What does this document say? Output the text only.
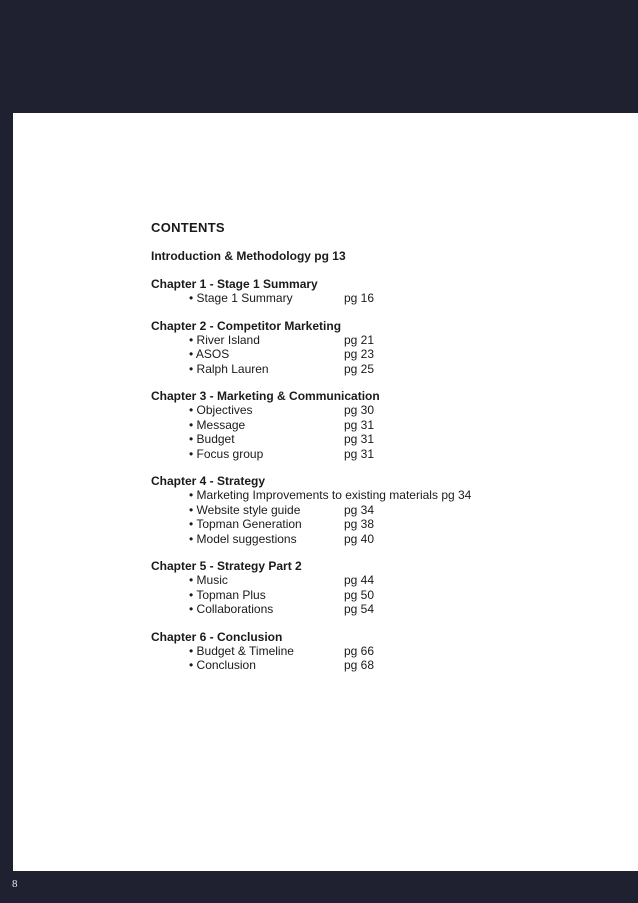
CONTENTS
Introduction & Methodology pg 13
Chapter 1 - Stage 1 Summary
• Stage 1 Summary	pg 16
Chapter 2 - Competitor Marketing
• River Island	pg 21
• ASOS	pg 23
• Ralph Lauren	pg 25
Chapter 3 - Marketing & Communication
• Objectives	pg 30
• Message	pg 31
• Budget	pg 31
• Focus group	pg 31
Chapter 4 - Strategy
• Marketing Improvements to existing materials pg 34
• Website style guide	pg 34
• Topman Generation	pg 38
• Model suggestions	pg 40
Chapter 5 - Strategy Part 2
• Music	pg 44
• Topman Plus	pg 50
• Collaborations	pg 54
Chapter 6 - Conclusion
• Budget & Timeline	pg 66
• Conclusion	pg 68
8
